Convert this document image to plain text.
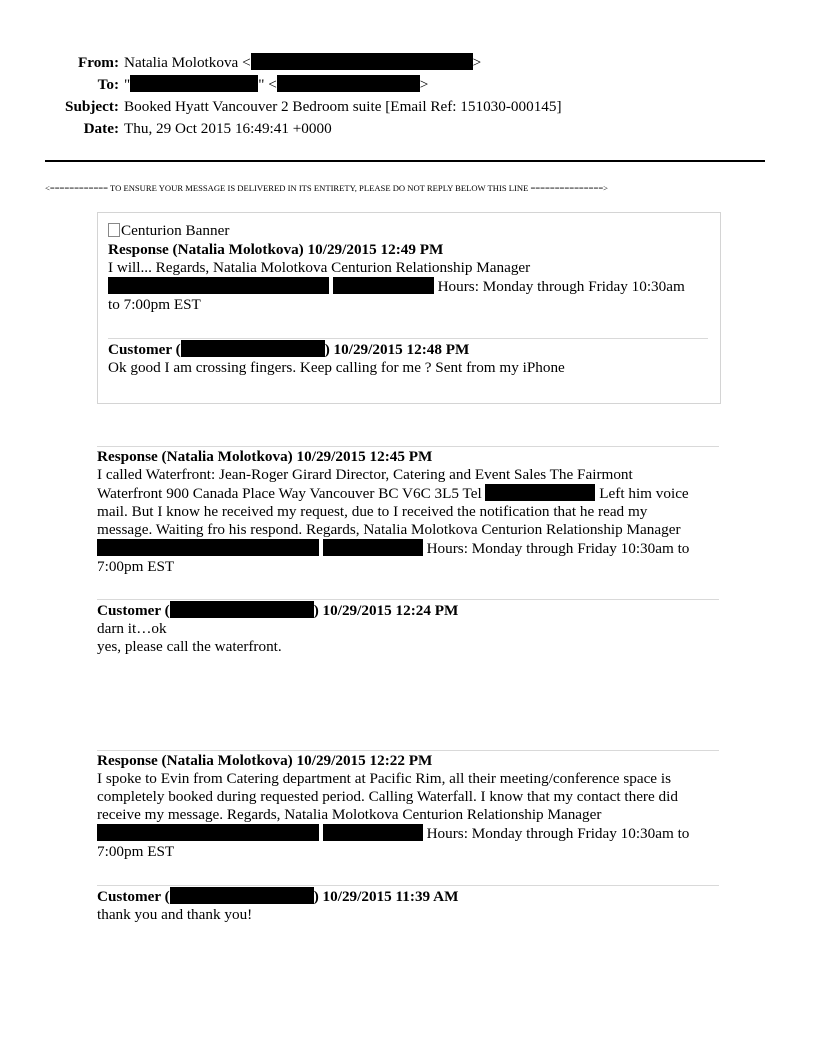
From: Natalia Molotkova <	>
To: "	" <	>
Subject: Booked Hyatt Vancouver 2 Bedroom suite [Email Ref: 151030-000145]
Date: Thu, 29 Oct 2015 16:49:41 +0000
<============ TO ENSURE YOUR MESSAGE IS DELIVERED IN ITS ENTIRETY, PLEASE DO NOT REPLY BELOW THIS LINE ===============>
Centurion Banner
Response (Natalia Molotkova) 10/29/2015 12:49 PM
I will... Regards, Natalia Molotkova Centurion Relationship Manager
Hours: Monday through Friday 10:30am
to 7:00pm EST
Customer (	) 10/29/2015 12:48 PM
Ok good I am crossing fingers. Keep calling for me ? Sent from my iPhone
Response (Natalia Molotkova) 10/29/2015 12:45 PM
I called Waterfront: Jean-Roger Girard Director, Catering and Event Sales The Fairmont
Waterfront 900 Canada Place Way Vancouver BC V6C 3L5 Tel	Left him voice
mail. But I know he received my request, due to I received the notification that he read my
message. Waiting fro his respond. Regards, Natalia Molotkova Centurion Relationship Manager
Hours: Monday through Friday 10:30am to
7:00pm EST
Customer (	) 10/29/2015 12:24 PM
darn it…ok
yes, please call the waterfront.
Response (Natalia Molotkova) 10/29/2015 12:22 PM
I spoke to Evin from Catering department at Pacific Rim, all their meeting/conference space is
completely booked during requested period. Calling Waterfall. I know that my contact there did
receive my message. Regards, Natalia Molotkova Centurion Relationship Manager
Hours: Monday through Friday 10:30am to
7:00pm EST
Customer (	) 10/29/2015 11:39 AM
thank you and thank you!
